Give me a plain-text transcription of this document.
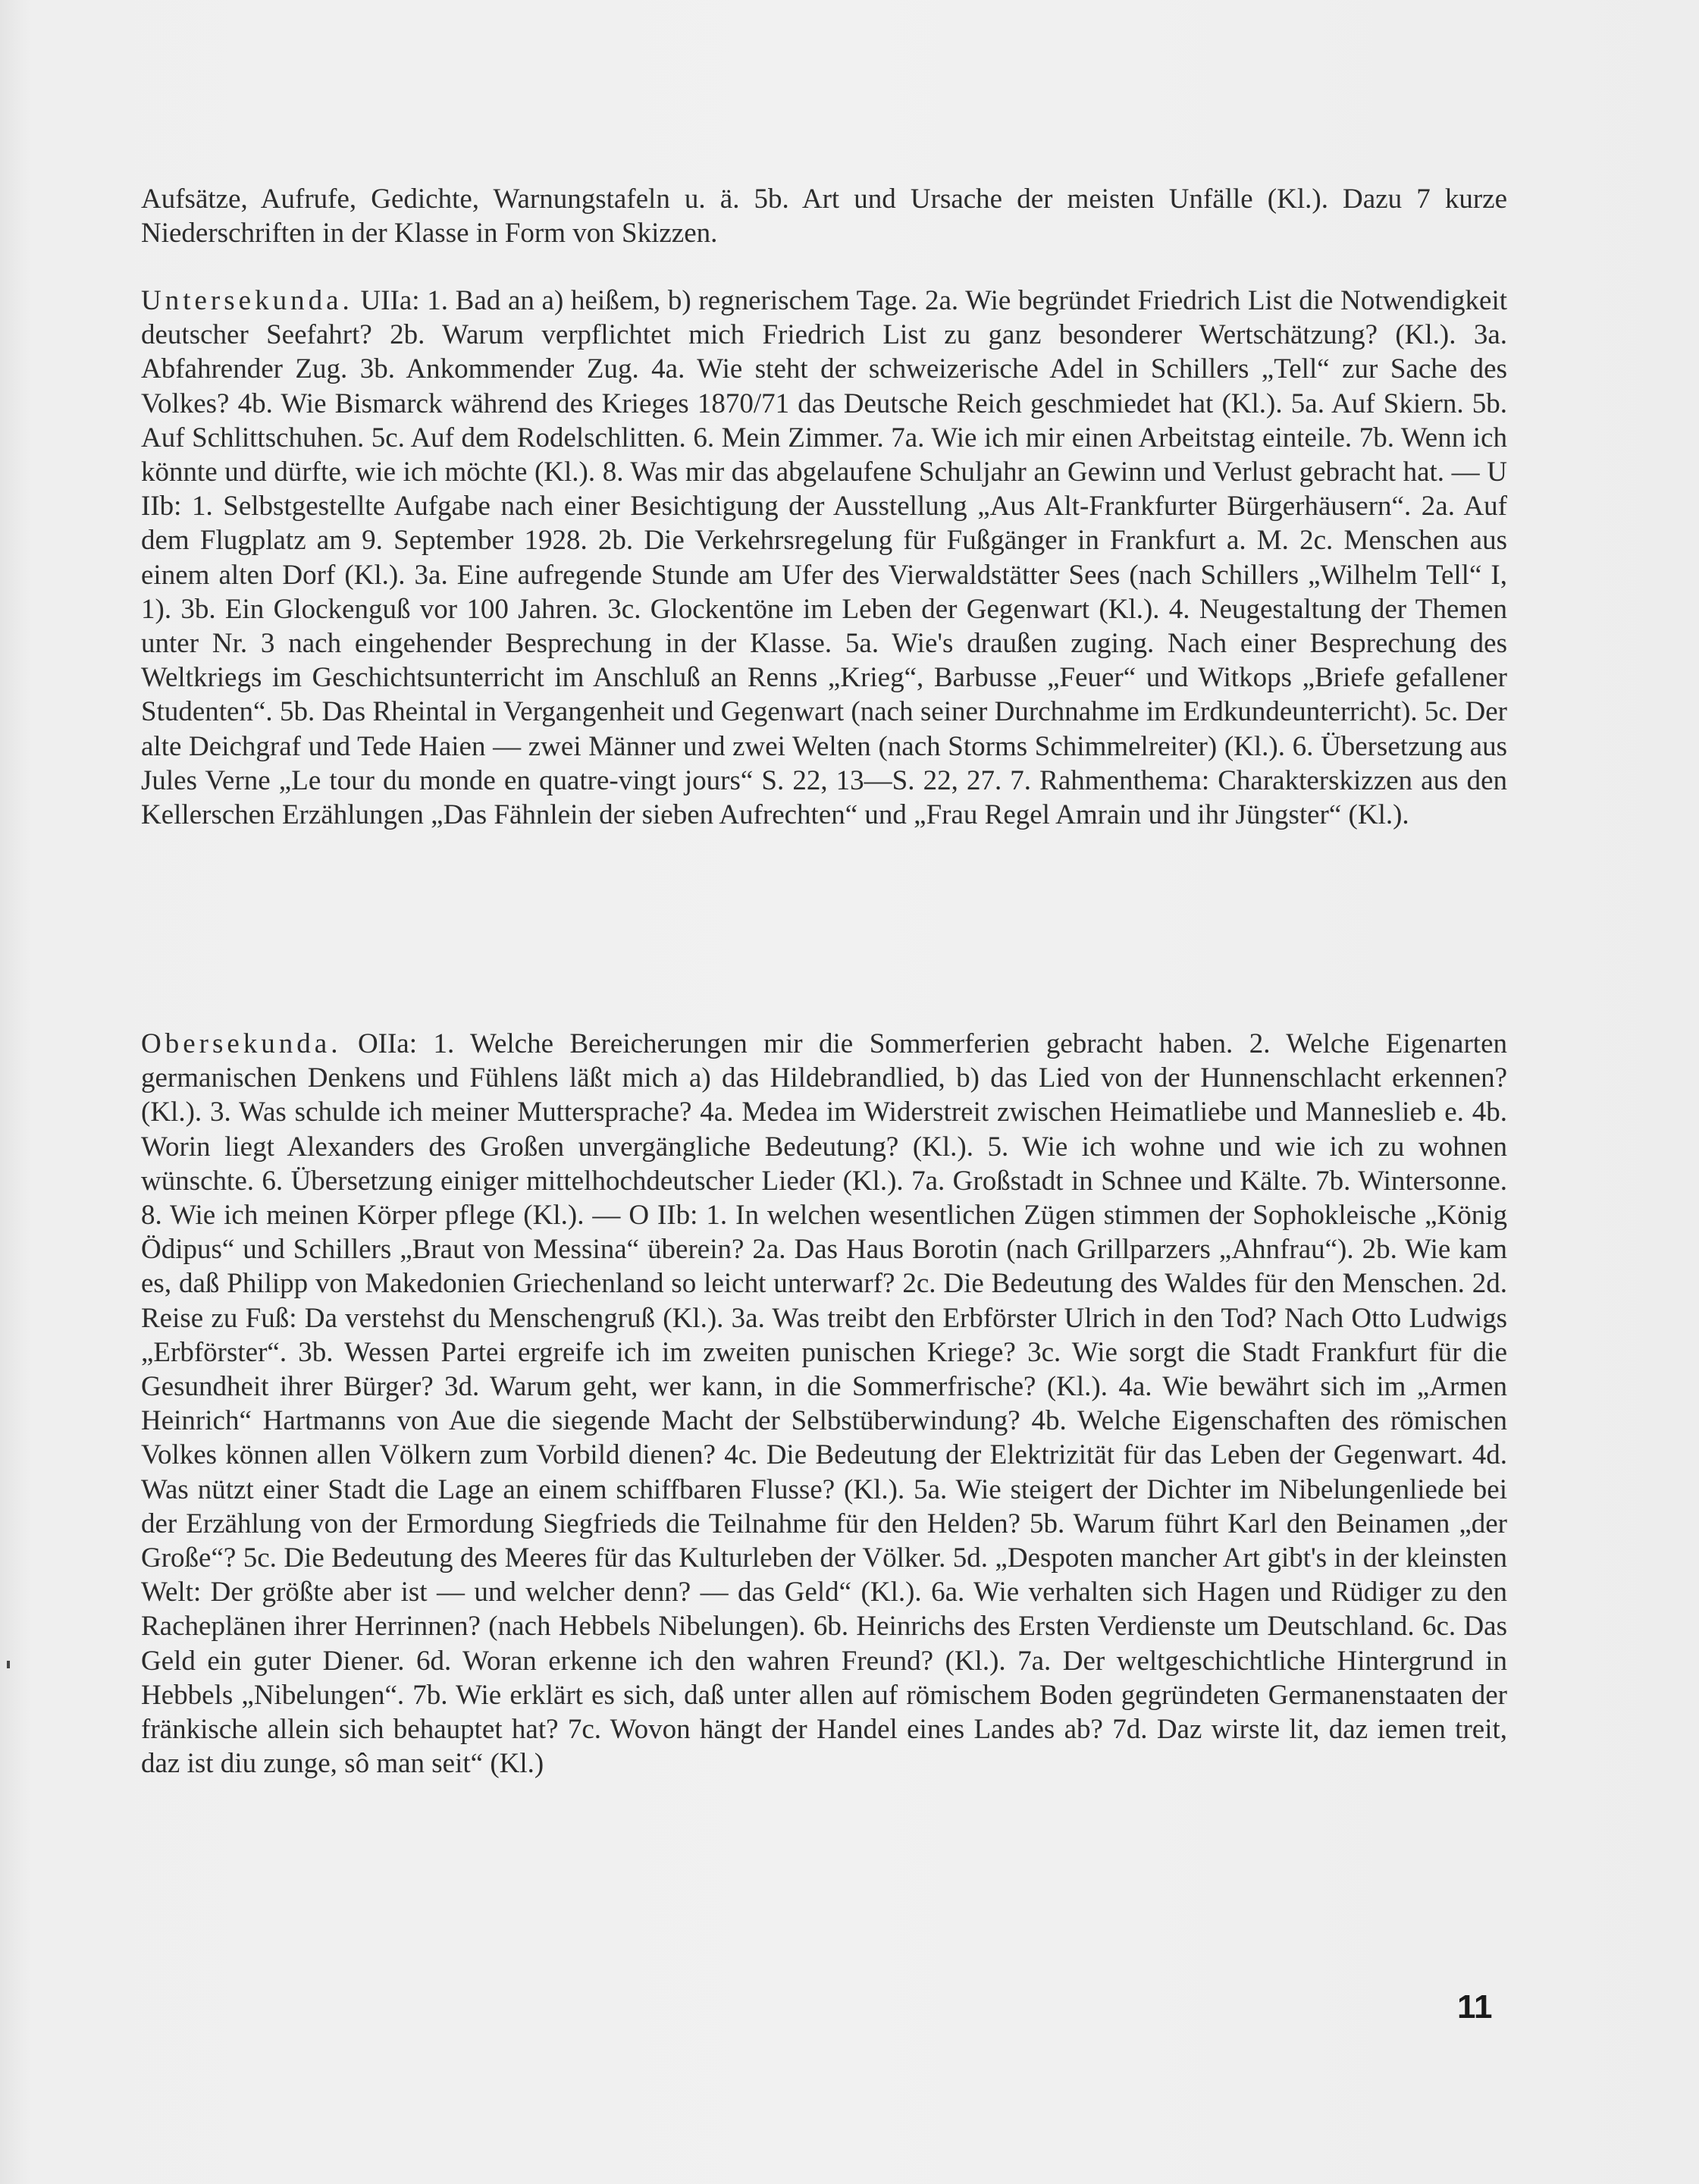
Aufsätze, Aufrufe, Gedichte, Warnungstafeln u. ä. 5b. Art und Ursache der meisten Unfälle (Kl.). Dazu 7 kurze Niederschriften in der Klasse in Form von Skizzen.

Untersekunda. UIIa: 1. Bad an a) heißem, b) regnerischem Tage. 2a. Wie begründet Friedrich List die Notwendigkeit deutscher Seefahrt? 2b. Warum verpflichtet mich Friedrich List zu ganz besonderer Wertschätzung? (Kl.). 3a. Abfahrender Zug. 3b. Ankommender Zug. 4a. Wie steht der schweizerische Adel in Schillers „Tell“ zur Sache des Volkes? 4b. Wie Bismarck während des Krieges 1870/71 das Deutsche Reich geschmiedet hat (Kl.). 5a. Auf Skiern. 5b. Auf Schlittschuhen. 5c. Auf dem Rodelschlitten. 6. Mein Zimmer. 7a. Wie ich mir einen Arbeitstag einteile. 7b. Wenn ich könnte und dürfte, wie ich möchte (Kl.). 8. Was mir das abgelaufene Schuljahr an Gewinn und Verlust gebracht hat. — U IIb: 1. Selbstgestellte Aufgabe nach einer Besichtigung der Ausstellung „Aus Alt-Frankfurter Bürgerhäusern“. 2a. Auf dem Flugplatz am 9. September 1928. 2b. Die Verkehrsregelung für Fußgänger in Frankfurt a. M. 2c. Menschen aus einem alten Dorf (Kl.). 3a. Eine aufregende Stunde am Ufer des Vierwaldstätter Sees (nach Schillers „Wilhelm Tell“ I, 1). 3b. Ein Glockenguß vor 100 Jahren. 3c. Glockentöne im Leben der Gegenwart (Kl.). 4. Neugestaltung der Themen unter Nr. 3 nach eingehender Besprechung in der Klasse. 5a. Wie's draußen zuging. Nach einer Besprechung des Weltkriegs im Geschichtsunterricht im Anschluß an Renns „Krieg“, Barbusse „Feuer“ und Witkops „Briefe gefallener Studenten“. 5b. Das Rheintal in Vergangenheit und Gegenwart (nach seiner Durchnahme im Erdkundeunterricht). 5c. Der alte Deichgraf und Tede Haien — zwei Männer und zwei Welten (nach Storms Schimmelreiter) (Kl.). 6. Übersetzung aus Jules Verne „Le tour du monde en quatre-vingt jours“ S. 22, 13—S. 22, 27. 7. Rahmenthema: Charakterskizzen aus den Kellerschen Erzählungen „Das Fähnlein der sieben Aufrechten“ und „Frau Regel Amrain und ihr Jüngster“ (Kl.).

Obersekunda. OIIa: 1. Welche Bereicherungen mir die Sommerferien gebracht haben. 2. Welche Eigenarten germanischen Denkens und Fühlens läßt mich a) das Hildebrandlied, b) das Lied von der Hunnenschlacht erkennen? (Kl.). 3. Was schulde ich meiner Muttersprache? 4a. Medea im Widerstreit zwischen Heimatliebe und Manneslieb e. 4b. Worin liegt Alexanders des Großen unvergängliche Bedeutung? (Kl.). 5. Wie ich wohne und wie ich zu wohnen wünschte. 6. Übersetzung einiger mittelhochdeutscher Lieder (Kl.). 7a. Großstadt in Schnee und Kälte. 7b. Wintersonne. 8. Wie ich meinen Körper pflege (Kl.). — O IIb: 1. In welchen wesentlichen Zügen stimmen der Sophokleische „König Ödipus“ und Schillers „Braut von Messina“ überein? 2a. Das Haus Borotin (nach Grillparzers „Ahnfrau“). 2b. Wie kam es, daß Philipp von Makedonien Griechenland so leicht unterwarf? 2c. Die Bedeutung des Waldes für den Menschen. 2d. Reise zu Fuß: Da verstehst du Menschengruß (Kl.). 3a. Was treibt den Erbförster Ulrich in den Tod? Nach Otto Ludwigs „Erbförster“. 3b. Wessen Partei ergreife ich im zweiten punischen Kriege? 3c. Wie sorgt die Stadt Frankfurt für die Gesundheit ihrer Bürger? 3d. Warum geht, wer kann, in die Sommerfrische? (Kl.). 4a. Wie bewährt sich im „Armen Heinrich“ Hartmanns von Aue die siegende Macht der Selbstüberwindung? 4b. Welche Eigenschaften des römischen Volkes können allen Völkern zum Vorbild dienen? 4c. Die Bedeutung der Elektrizität für das Leben der Gegenwart. 4d. Was nützt einer Stadt die Lage an einem schiffbaren Flusse? (Kl.). 5a. Wie steigert der Dichter im Nibelungenliede bei der Erzählung von der Ermordung Siegfrieds die Teilnahme für den Helden? 5b. Warum führt Karl den Beinamen „der Große“? 5c. Die Bedeutung des Meeres für das Kulturleben der Völker. 5d. „Despoten mancher Art gibt's in der kleinsten Welt: Der größte aber ist — und welcher denn? — das Geld“ (Kl.). 6a. Wie verhalten sich Hagen und Rüdiger zu den Racheplänen ihrer Herrinnen? (nach Hebbels Nibelungen). 6b. Heinrichs des Ersten Verdienste um Deutschland. 6c. Das Geld ein guter Diener. 6d. Woran erkenne ich den wahren Freund? (Kl.). 7a. Der weltgeschichtliche Hintergrund in Hebbels „Nibelungen“. 7b. Wie erklärt es sich, daß unter allen auf römischem Boden gegründeten Germanenstaaten der fränkische allein sich behauptet hat? 7c. Wovon hängt der Handel eines Landes ab? 7d. Daz wirste lit, daz iemen treit, daz ist diu zunge, sô man seit“ (Kl.)

11
